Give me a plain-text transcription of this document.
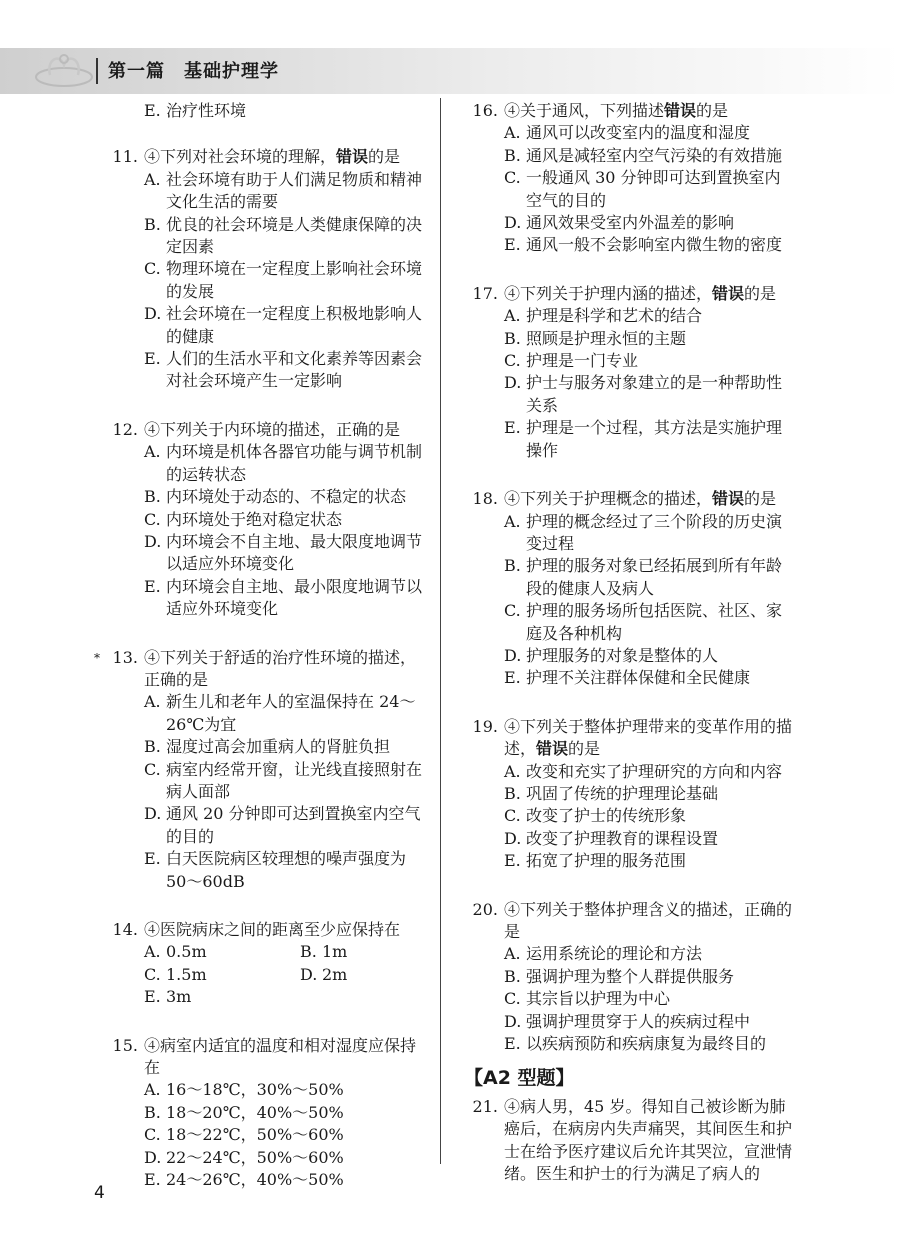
第一篇　基础护理学
E. 治疗性环境
11. ④下列对社会环境的理解，错误的是
A. 社会环境有助于人们满足物质和精神文化生活的需要
B. 优良的社会环境是人类健康保障的决定因素
C. 物理环境在一定程度上影响社会环境的发展
D. 社会环境在一定程度上积极地影响人的健康
E. 人们的生活水平和文化素养等因素会对社会环境产生一定影响
12. ④下列关于内环境的描述，正确的是
A. 内环境是机体各器官功能与调节机制的运转状态
B. 内环境处于动态的、不稳定的状态
C. 内环境处于绝对稳定状态
D. 内环境会不自主地、最大限度地调节以适应外环境变化
E. 内环境会自主地、最小限度地调节以适应外环境变化
* 13. ④下列关于舒适的治疗性环境的描述，正确的是
A. 新生儿和老年人的室温保持在 24～26℃为宜
B. 湿度过高会加重病人的肾脏负担
C. 病室内经常开窗，让光线直接照射在病人面部
D. 通风 20 分钟即可达到置换室内空气的目的
E. 白天医院病区较理想的噪声强度为 50～60dB
14. ④医院病床之间的距离至少应保持在
A. 0.5m	B. 1m
C. 1.5m	D. 2m
E. 3m
15. ④病室内适宜的温度和相对湿度应保持在
A. 16～18℃，30%～50%
B. 18～20℃，40%～50%
C. 18～22℃，50%～60%
D. 22～24℃，50%～60%
E. 24～26℃，40%～50%
16. ④关于通风，下列描述错误的是
A. 通风可以改变室内的温度和湿度
B. 通风是减轻室内空气污染的有效措施
C. 一般通风 30 分钟即可达到置换室内空气的目的
D. 通风效果受室内外温差的影响
E. 通风一般不会影响室内微生物的密度
17. ④下列关于护理内涵的描述，错误的是
A. 护理是科学和艺术的结合
B. 照顾是护理永恒的主题
C. 护理是一门专业
D. 护士与服务对象建立的是一种帮助性关系
E. 护理是一个过程，其方法是实施护理操作
18. ④下列关于护理概念的描述，错误的是
A. 护理的概念经过了三个阶段的历史演变过程
B. 护理的服务对象已经拓展到所有年龄段的健康人及病人
C. 护理的服务场所包括医院、社区、家庭及各种机构
D. 护理服务的对象是整体的人
E. 护理不关注群体保健和全民健康
19. ④下列关于整体护理带来的变革作用的描述，错误的是
A. 改变和充实了护理研究的方向和内容
B. 巩固了传统的护理理论基础
C. 改变了护士的传统形象
D. 改变了护理教育的课程设置
E. 拓宽了护理的服务范围
20. ④下列关于整体护理含义的描述，正确的是
A. 运用系统论的理论和方法
B. 强调护理为整个人群提供服务
C. 其宗旨以护理为中心
D. 强调护理贯穿于人的疾病过程中
E. 以疾病预防和疾病康复为最终目的
【A2 型题】
21. ④病人男，45 岁。得知自己被诊断为肺癌后，在病房内失声痛哭，其间医生和护士在给予医疗建议后允许其哭泣，宣泄情绪。医生和护士的行为满足了病人的
4
